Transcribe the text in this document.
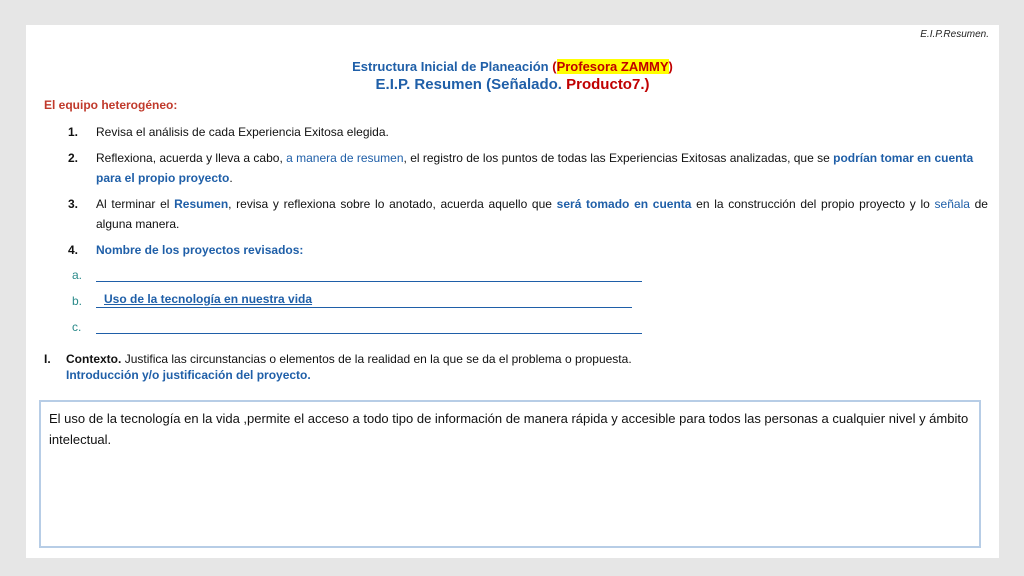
E.I.P.Resumen.
Estructura Inicial de Planeación (Profesora ZAMMY)
E.I.P. Resumen (Señalado. Producto7.)
El equipo heterogéneo:
1. Revisa el análisis de cada Experiencia Exitosa elegida.
2. Reflexiona, acuerda y lleva a cabo, a manera de resumen, el registro de los puntos de todas las Experiencias Exitosas analizadas, que se podrían tomar en cuenta para el propio proyecto.
3. Al terminar el Resumen, revisa y reflexiona sobre lo anotado, acuerda aquello que será tomado en cuenta en la construcción del propio proyecto y lo señala de alguna manera.
4. Nombre de los proyectos revisados:
a.
b.	Uso de la tecnología en nuestra vida
c.
I. Contexto. Justifica las circunstancias o elementos de la realidad en la que se da el problema o propuesta.
Introducción y/o justificación del proyecto.
El uso de la tecnología en la vida ,permite el acceso a todo tipo de información de manera rápida y accesible para todos las personas a cualquier nivel y ámbito intelectual.
